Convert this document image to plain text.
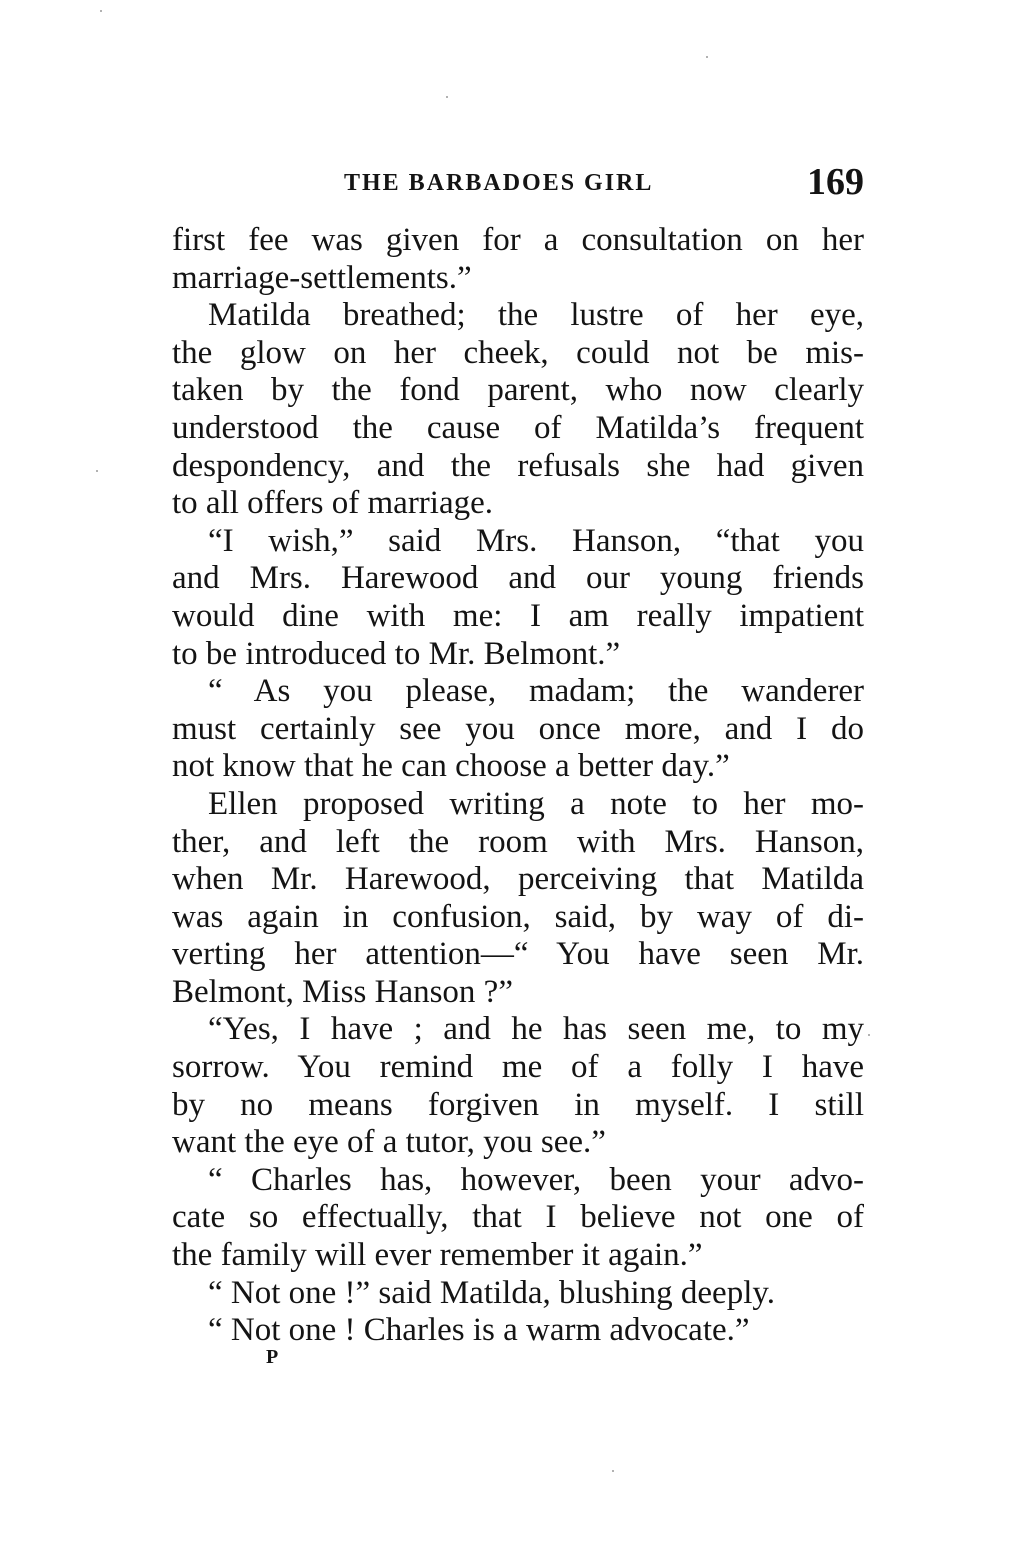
THE BARBADOES GIRL	169
first fee was given for a consultation on her
marriage-settlements.”
Matilda breathed; the lustre of her eye,
the glow on her cheek, could not be mis-
taken by the fond parent, who now clearly
understood the cause of Matilda’s frequent
despondency, and the refusals she had given
to all offers of marriage.
“I wish,” said Mrs. Hanson, “that you
and Mrs. Harewood and our young friends
would dine with me: I am really impatient
to be introduced to Mr. Belmont.”
“ As you please, madam; the wanderer
must certainly see you once more, and I do
not know that he can choose a better day.”
Ellen proposed writing a note to her mo-
ther, and left the room with Mrs. Hanson,
when Mr. Harewood, perceiving that Matilda
was again in confusion, said, by way of di-
verting her attention—“ You have seen Mr.
Belmont, Miss Hanson ?”
“Yes, I have ; and he has seen me, to my
sorrow. You remind me of a folly I have
by no means forgiven in myself. I still
want the eye of a tutor, you see.”
“ Charles has, however, been your advo-
cate so effectually, that I believe not one of
the family will ever remember it again.”
“ Not one !” said Matilda, blushing deeply.
“ Not one ! Charles is a warm advocate.”
P
